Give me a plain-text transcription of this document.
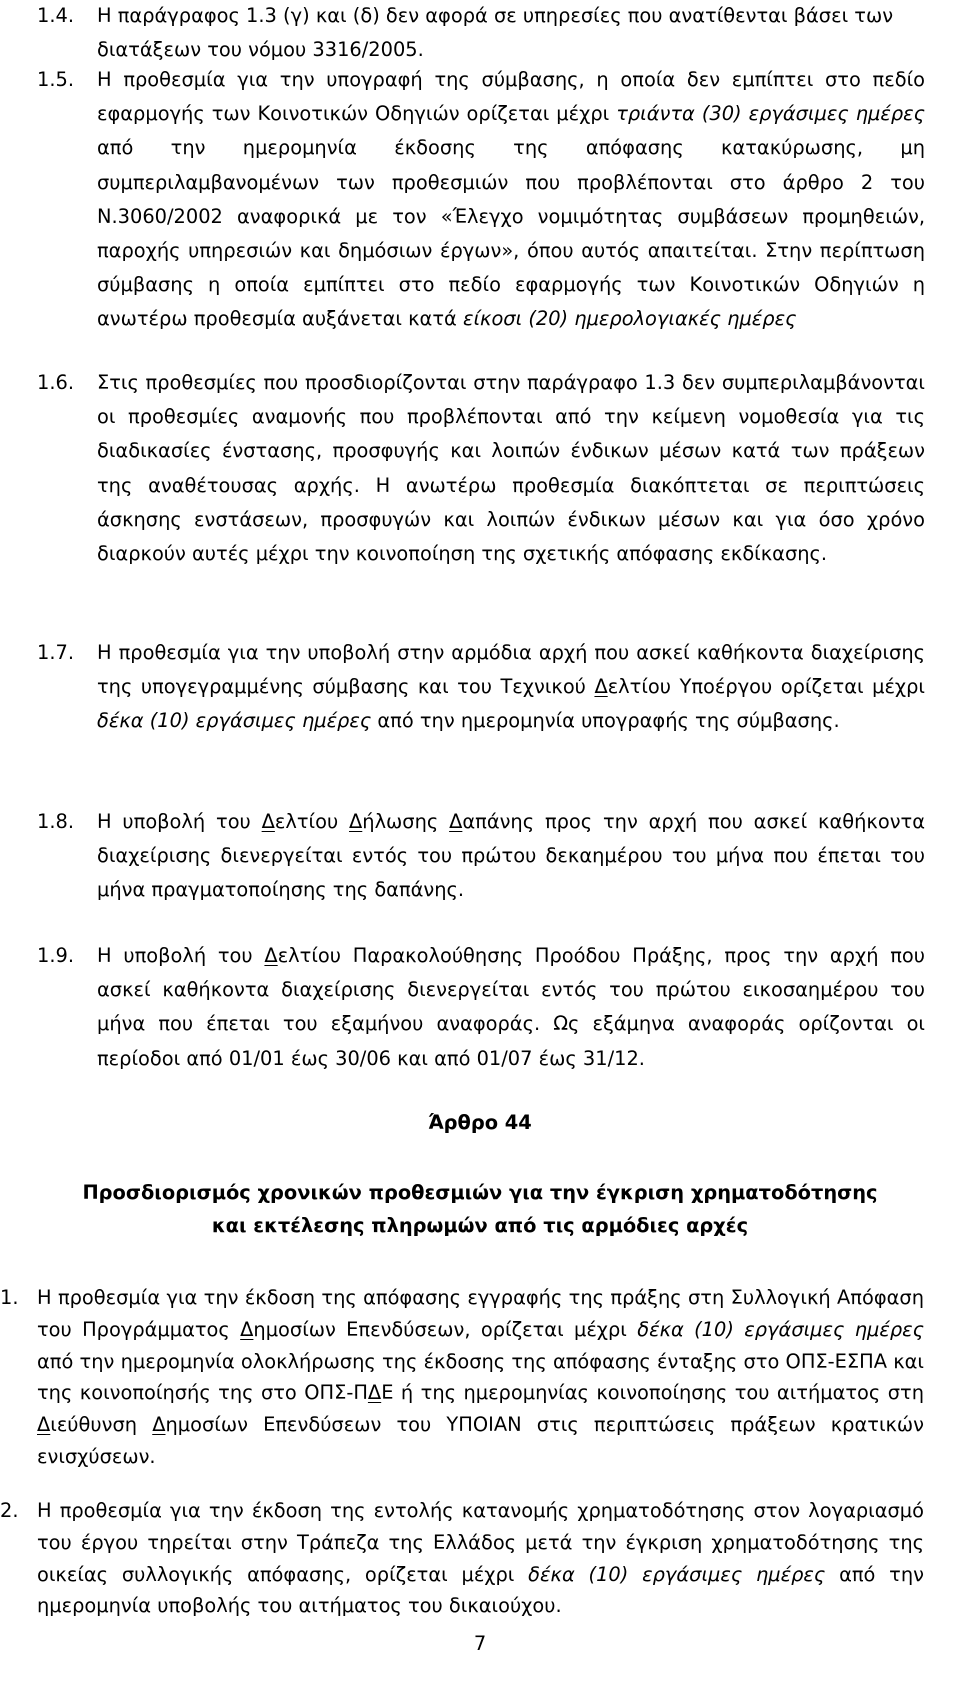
1.4. Η παράγραφος 1.3 (γ) και (δ) δεν αφορά σε υπηρεσίες που ανατίθενται βάσει των διατάξεων του νόμου 3316/2005.

1.5. Η προθεσμία για την υπογραφή της σύμβασης, η οποία δεν εμπίπτει στο πεδίο εφαρμογής των Κοινοτικών Οδηγιών ορίζεται μέχρι τριάντα (30) εργάσιμες ημέρες από την ημερομηνία έκδοσης της απόφασης κατακύρωσης, μη συμπεριλαμβανομένων των προθεσμιών που προβλέπονται στο άρθρο 2 του Ν.3060/2002 αναφορικά με τον «Έλεγχο νομιμότητας συμβάσεων προμηθειών, παροχής υπηρεσιών και δημόσιων έργων», όπου αυτός απαιτείται. Στην περίπτωση σύμβασης η οποία εμπίπτει στο πεδίο εφαρμογής των Κοινοτικών Οδηγιών η ανωτέρω προθεσμία αυξάνεται κατά είκοσι (20) ημερολογιακές ημέρες

1.6. Στις προθεσμίες που προσδιορίζονται στην παράγραφο 1.3 δεν συμπεριλαμβάνονται οι προθεσμίες αναμονής που προβλέπονται από την κείμενη νομοθεσία για τις διαδικασίες ένστασης, προσφυγής και λοιπών ένδικων μέσων κατά των πράξεων της αναθέτουσας αρχής. Η ανωτέρω προθεσμία διακόπτεται σε περιπτώσεις άσκησης ενστάσεων, προσφυγών και λοιπών ένδικων μέσων και για όσο χρόνο διαρκούν αυτές μέχρι την κοινοποίηση της σχετικής απόφασης εκδίκασης.

1.7. Η προθεσμία για την υποβολή στην αρμόδια αρχή που ασκεί καθήκοντα διαχείρισης της υπογεγραμμένης σύμβασης και του Τεχνικού Δελτίου Υποέργου ορίζεται μέχρι δέκα (10) εργάσιμες ημέρες από την ημερομηνία υπογραφής της σύμβασης.

1.8. Η υποβολή του Δελτίου Δήλωσης Δαπάνης προς την αρχή που ασκεί καθήκοντα διαχείρισης διενεργείται εντός του πρώτου δεκαημέρου του μήνα που έπεται του μήνα πραγματοποίησης της δαπάνης.

1.9. Η υποβολή του Δελτίου Παρακολούθησης Προόδου Πράξης, προς την αρχή που ασκεί καθήκοντα διαχείρισης διενεργείται εντός του πρώτου εικοσαημέρου του μήνα που έπεται του εξαμήνου αναφοράς. Ως εξάμηνα αναφοράς ορίζονται οι περίοδοι από 01/01 έως 30/06 και από 01/07 έως 31/12.

Άρθρο 44

Προσδιορισμός χρονικών προθεσμιών για την έγκριση χρηματοδότησης

και εκτέλεσης πληρωμών από τις αρμόδιες αρχές

1. Η προθεσμία για την έκδοση της απόφασης εγγραφής της πράξης στη Συλλογική Απόφαση του Προγράμματος Δημοσίων Επενδύσεων, ορίζεται μέχρι δέκα (10) εργάσιμες ημέρες από την ημερομηνία ολοκλήρωσης της έκδοσης της απόφασης ένταξης στο ΟΠΣ-ΕΣΠΑ και της κοινοποίησής της στο ΟΠΣ-ΠΔΕ ή της ημερομηνίας κοινοποίησης του αιτήματος στη Διεύθυνση Δημοσίων Επενδύσεων του ΥΠΟΙΑΝ στις περιπτώσεις πράξεων κρατικών ενισχύσεων.

2. Η προθεσμία για την έκδοση της εντολής κατανομής χρηματοδότησης στον λογαριασμό του έργου τηρείται στην Τράπεζα της Ελλάδος μετά την έγκριση χρηματοδότησης της οικείας συλλογικής απόφασης, ορίζεται μέχρι δέκα (10) εργάσιμες ημέρες από την ημερομηνία υποβολής του αιτήματος του δικαιούχου.

7
